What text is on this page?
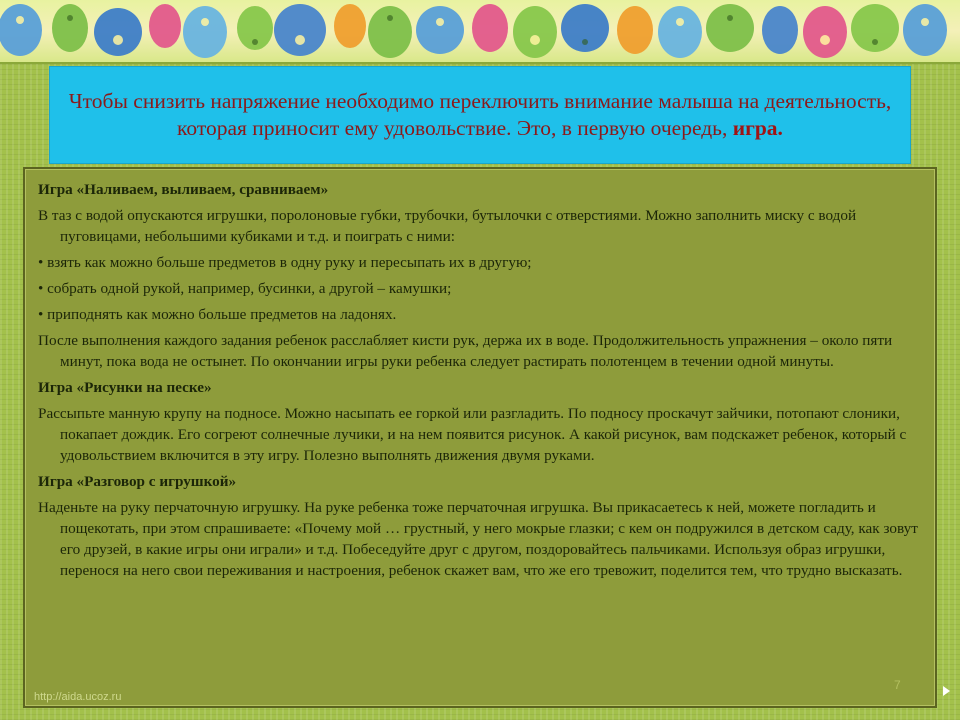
Чтобы снизить напряжение необходимо переключить внимание малыша на деятельность, которая приносит ему удовольствие. Это, в первую очередь, игра.

Игра «Наливаем, выливаем, сравниваем»

В таз с водой опускаются игрушки, поролоновые губки, трубочки, бутылочки с отверстиями. Можно заполнить миску с водой пуговицами, небольшими кубиками и т.д. и поиграть с ними:

• взять как можно больше предметов в одну руку и пересыпать их в другую;

• собрать одной рукой, например, бусинки, а другой – камушки;

• приподнять как можно больше предметов на ладонях.

После выполнения каждого задания ребенок расслабляет кисти рук, держа их в воде. Продолжительность упражнения – около пяти минут, пока вода не остынет. По окончании игры руки ребенка следует растирать полотенцем в течении одной минуты.

Игра «Рисунки на песке»

Рассыпьте манную крупу на подносе. Можно насыпать ее горкой или разгладить. По подносу проскачут зайчики, потопают слоники, покапает дождик. Его согреют солнечные лучики, и на нем появится рисунок. А какой рисунок, вам подскажет ребенок, который с удовольствием включится в эту игру. Полезно выполнять движения двумя руками.

Игра «Разговор с игрушкой»

Наденьте на руку перчаточную игрушку. На руке ребенка тоже перчаточная игрушка. Вы прикасаетесь к ней, можете погладить и пощекотать, при этом спрашиваете: «Почему мой … грустный, у него мокрые глазки; с кем он подружился в детском саду, как зовут его друзей, в какие игры они играли» и т.д. Побеседуйте друг с другом, поздоровайтесь пальчиками. Используя образ игрушки, перенося на него свои переживания и настроения, ребенок скажет вам, что же его тревожит, поделится тем, что трудно высказать.

http://aida.ucoz.ru
7
